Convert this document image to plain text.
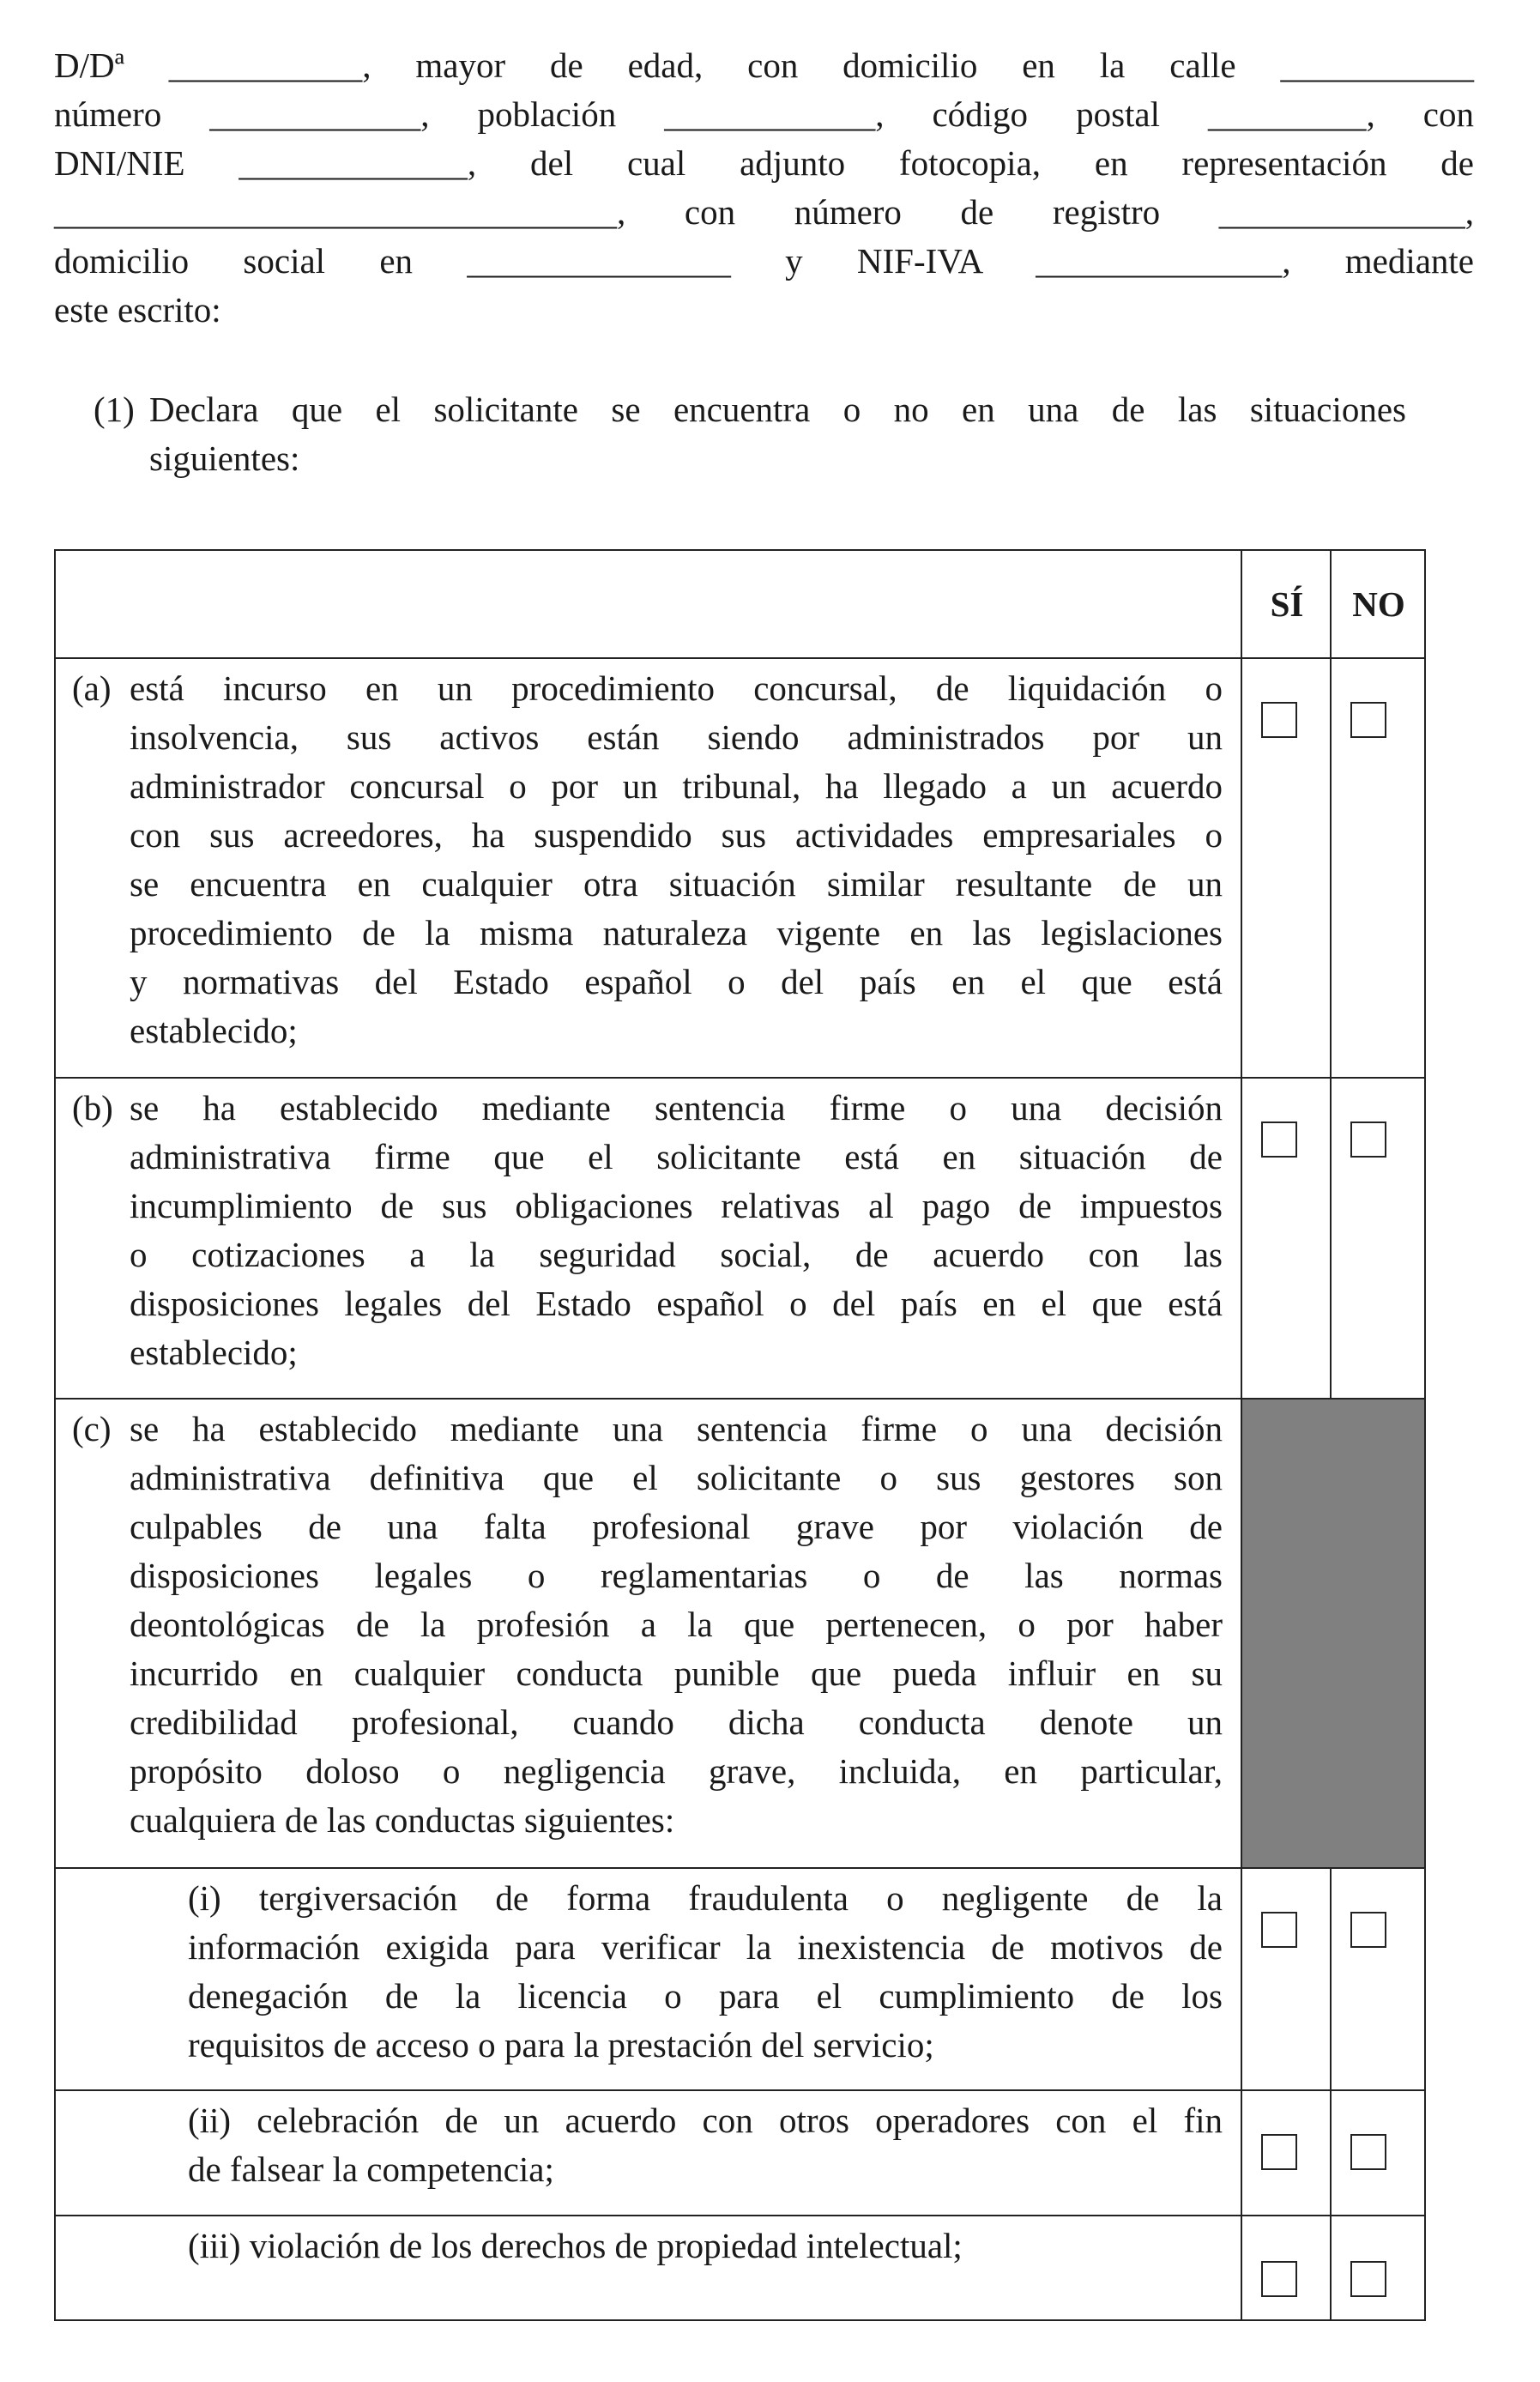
D/Dª ___________, mayor de edad, con domicilio en la calle ___________
número ____________, población ____________, código postal _________, con
DNI/NIE _____________, del cual adjunto fotocopia, en representación de
________________________________, con número de registro ______________,
domicilio social en _______________ y NIF-IVA ______________, mediante
este escrito:
(1) Declara que el solicitante se encuentra o no en una de las situaciones
siguientes:
SÍ	NO
(a) está incurso en un procedimiento concursal, de liquidación o
insolvencia, sus activos están siendo administrados por un
administrador concursal o por un tribunal, ha llegado a un acuerdo
con sus acreedores, ha suspendido sus actividades empresariales o
se encuentra en cualquier otra situación similar resultante de un
procedimiento de la misma naturaleza vigente en las legislaciones
y normativas del Estado español o del país en el que está
establecido;
(b) se ha establecido mediante sentencia firme o una decisión
administrativa firme que el solicitante está en situación de
incumplimiento de sus obligaciones relativas al pago de impuestos
o cotizaciones a la seguridad social, de acuerdo con las
disposiciones legales del Estado español o del país en el que está
establecido;
(c) se ha establecido mediante una sentencia firme o una decisión
administrativa definitiva que el solicitante o sus gestores son
culpables de una falta profesional grave por violación de
disposiciones legales o reglamentarias o de las normas
deontológicas de la profesión a la que pertenecen, o por haber
incurrido en cualquier conducta punible que pueda influir en su
credibilidad profesional, cuando dicha conducta denote un
propósito doloso o negligencia grave, incluida, en particular,
cualquiera de las conductas siguientes:
(i) tergiversación de forma fraudulenta o negligente de la
información exigida para verificar la inexistencia de motivos de
denegación de la licencia o para el cumplimiento de los
requisitos de acceso o para la prestación del servicio;
(ii) celebración de un acuerdo con otros operadores con el fin
de falsear la competencia;
(iii) violación de los derechos de propiedad intelectual;
